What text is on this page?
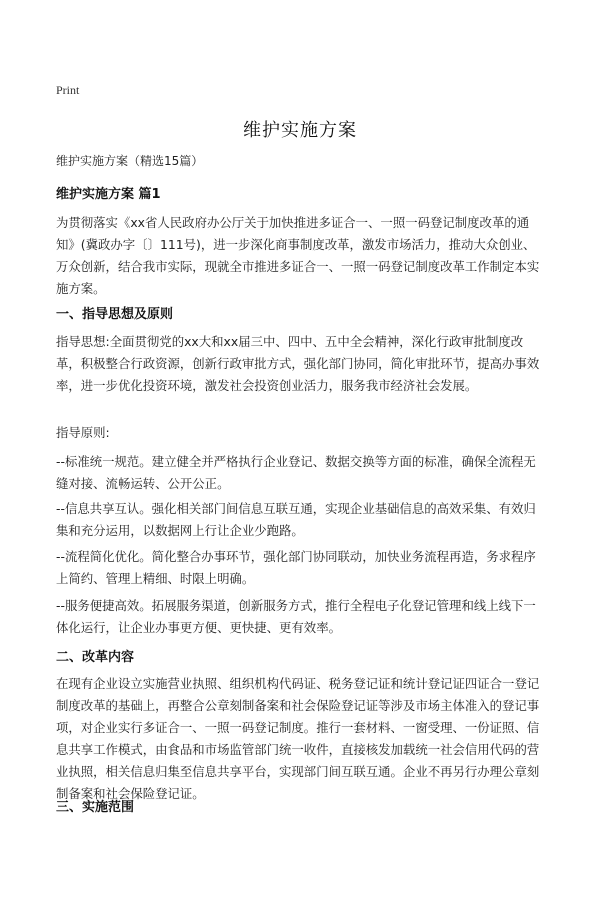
Print
维护实施方案
维护实施方案（精选15篇）
维护实施方案 篇1

为贯彻落实《xx省人民政府办公厅关于加快推进多证合一、一照一码登记制度改革的通知》(冀政办字〔〕111号)，进一步深化商事制度改革，激发市场活力，推动大众创业、万众创新，结合我市实际，现就全市推进多证合一、一照一码登记制度改革工作制定本实施方案。

一、指导思想及原则

指导思想:全面贯彻党的xx大和xx届三中、四中、五中全会精神，深化行政审批制度改革，积极整合行政资源，创新行政审批方式，强化部门协同，简化审批环节，提高办事效率，进一步优化投资环境，激发社会投资创业活力，服务我市经济社会发展。

指导原则:

--标准统一规范。建立健全并严格执行企业登记、数据交换等方面的标准，确保全流程无缝对接、流畅运转、公开公正。

--信息共享互认。强化相关部门间信息互联互通，实现企业基础信息的高效采集、有效归集和充分运用，以数据网上行让企业少跑路。

--流程简化优化。简化整合办事环节，强化部门协同联动，加快业务流程再造，务求程序上简约、管理上精细、时限上明确。

--服务便捷高效。拓展服务渠道，创新服务方式，推行全程电子化登记管理和线上线下一体化运行，让企业办事更方便、更快捷、更有效率。

二、改革内容

在现有企业设立实施营业执照、组织机构代码证、税务登记证和统计登记证四证合一登记制度改革的基础上，再整合公章刻制备案和社会保险登记证等涉及市场主体准入的登记事项，对企业实行多证合一、一照一码登记制度。推行一套材料、一窗受理、一份证照、信息共享工作模式，由食品和市场监管部门统一收件，直接核发加载统一社会信用代码的营业执照，相关信息归集至信息共享平台，实现部门间互联互通。企业不再另行办理公章刻制备案和社会保险登记证。

三、实施范围
